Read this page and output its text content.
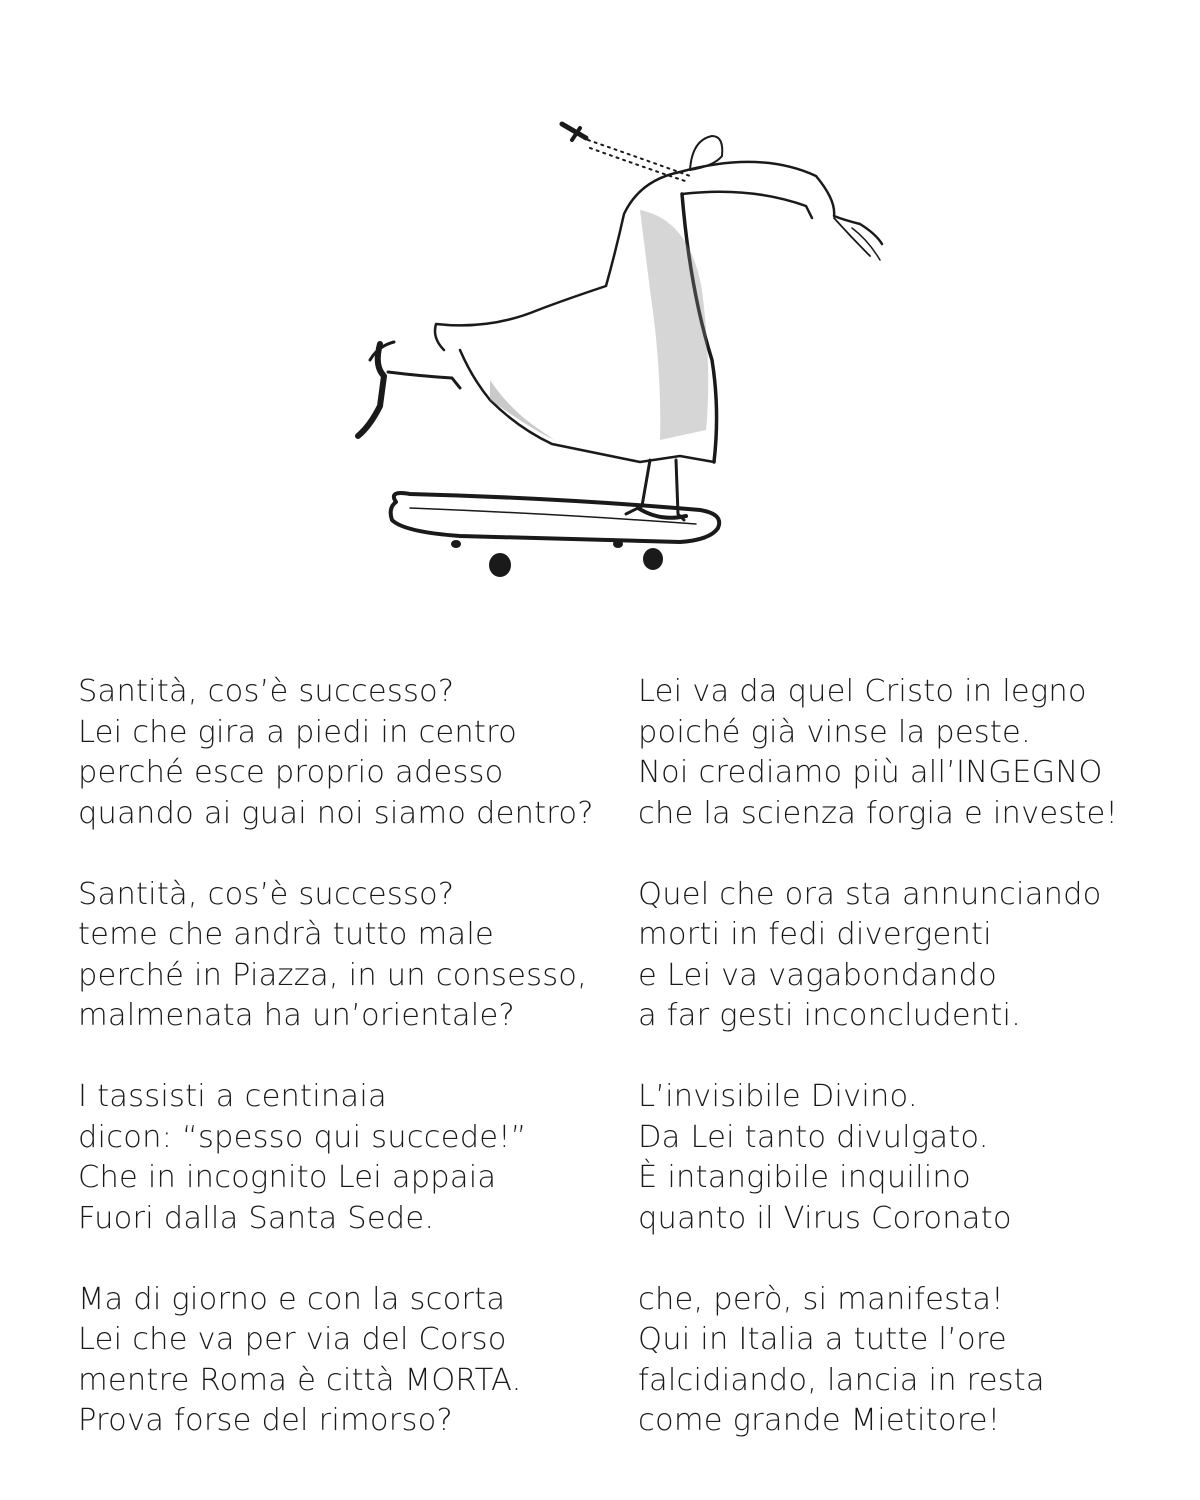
Santità, cos’è successo?
Lei che gira a piedi in centro
perché esce proprio adesso
quando ai guai noi siamo dentro?
Santità, cos’è successo?
teme che andrà tutto male
perché in Piazza, in un consesso,
malmenata ha un’orientale?
I tassisti a centinaia
dicon: “spesso qui succede!”
Che in incognito Lei appaia
Fuori dalla Santa Sede.
Ma di giorno e con la scorta
Lei che va per via del Corso
mentre Roma è città MORTA.
Prova forse del rimorso?
Lei va da quel Cristo in legno
poiché già vinse la peste.
Noi crediamo più all’INGEGNO
che la scienza forgia e investe!
Quel che ora sta annunciando
morti in fedi divergenti
e Lei va vagabondando
a far gesti inconcludenti.
L’invisibile Divino.
Da Lei tanto divulgato.
È intangibile inquilino
quanto il Virus Coronato
che, però, si manifesta!
Qui in Italia a tutte l’ore
falcidiando, lancia in resta
come grande Mietitore!
